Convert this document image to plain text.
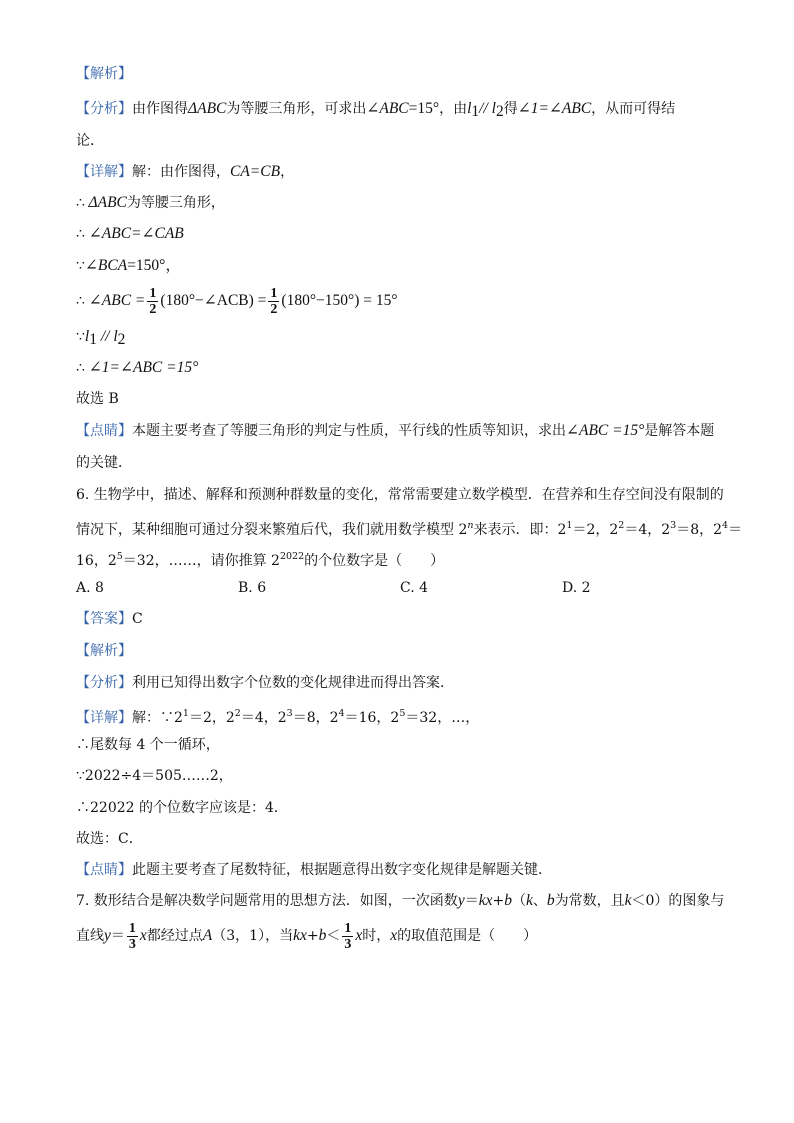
【解析】
【分析】由作图得ΔABC为等腰三角形，可求出∠ABC=15°，由$l_1//$ $l_2$得∠1=∠ABC，从而可得结
论．
【详解】解：由作图得，CA=CB，
∴ ΔABC为等腰三角形，
∴ ∠ABC=∠CAB
∵∠BCA=150°，
∴ ∠ABC = $\frac{1}{2}$ (180°−∠ACB) = $\frac{1}{2} (180^\circ-150^\circ) = 15^\circ$
$\because l_1 // l_2$
∴ ∠1=∠ABC =15°
故选 B
【点睛】本题主要考查了等腰三角形的判定与性质，平行线的性质等知识，求出∠ABC =15°是解答本题
的关键．
6. 生物学中，描述、解释和预测种群数量的变化，常常需要建立数学模型．在营养和生存空间没有限制的
情况下，某种细胞可通过分裂来繁殖后代，我们就用数学模型 2$^n$来表示．即：$2^1=2$，$2^2=4$，$2^3=8$，$2^4=$
16，$2^5=32$，……，请你推算 $2^{2022}$的个位数字是（　　）
A. 8	B. 6	C. 4	D. 2
【答案】C
【解析】
【分析】利用已知得出数字个位数的变化规律进而得出答案．
【详解】解：$\because 2^1=2$，$2^2=4$，$2^3=8$，$2^4=16$，$2^5=32$，…，
∴尾数每 4 个一循环，
∵2022÷4＝505……2，
∴22022 的个位数字应该是：4．
故选：C．
【点睛】此题主要考查了尾数特征，根据题意得出数字变化规律是解题关键．
7. 数形结合是解决数学问题常用的思想方法．如图，一次函数y＝kx+b（k、b为常数，且k＜0）的图象与
直线$y= \frac{1}{3}$ x都经过点A（3，1），当$kx+b< \frac{1}{3}$ x时，x的取值范围是（　　）
